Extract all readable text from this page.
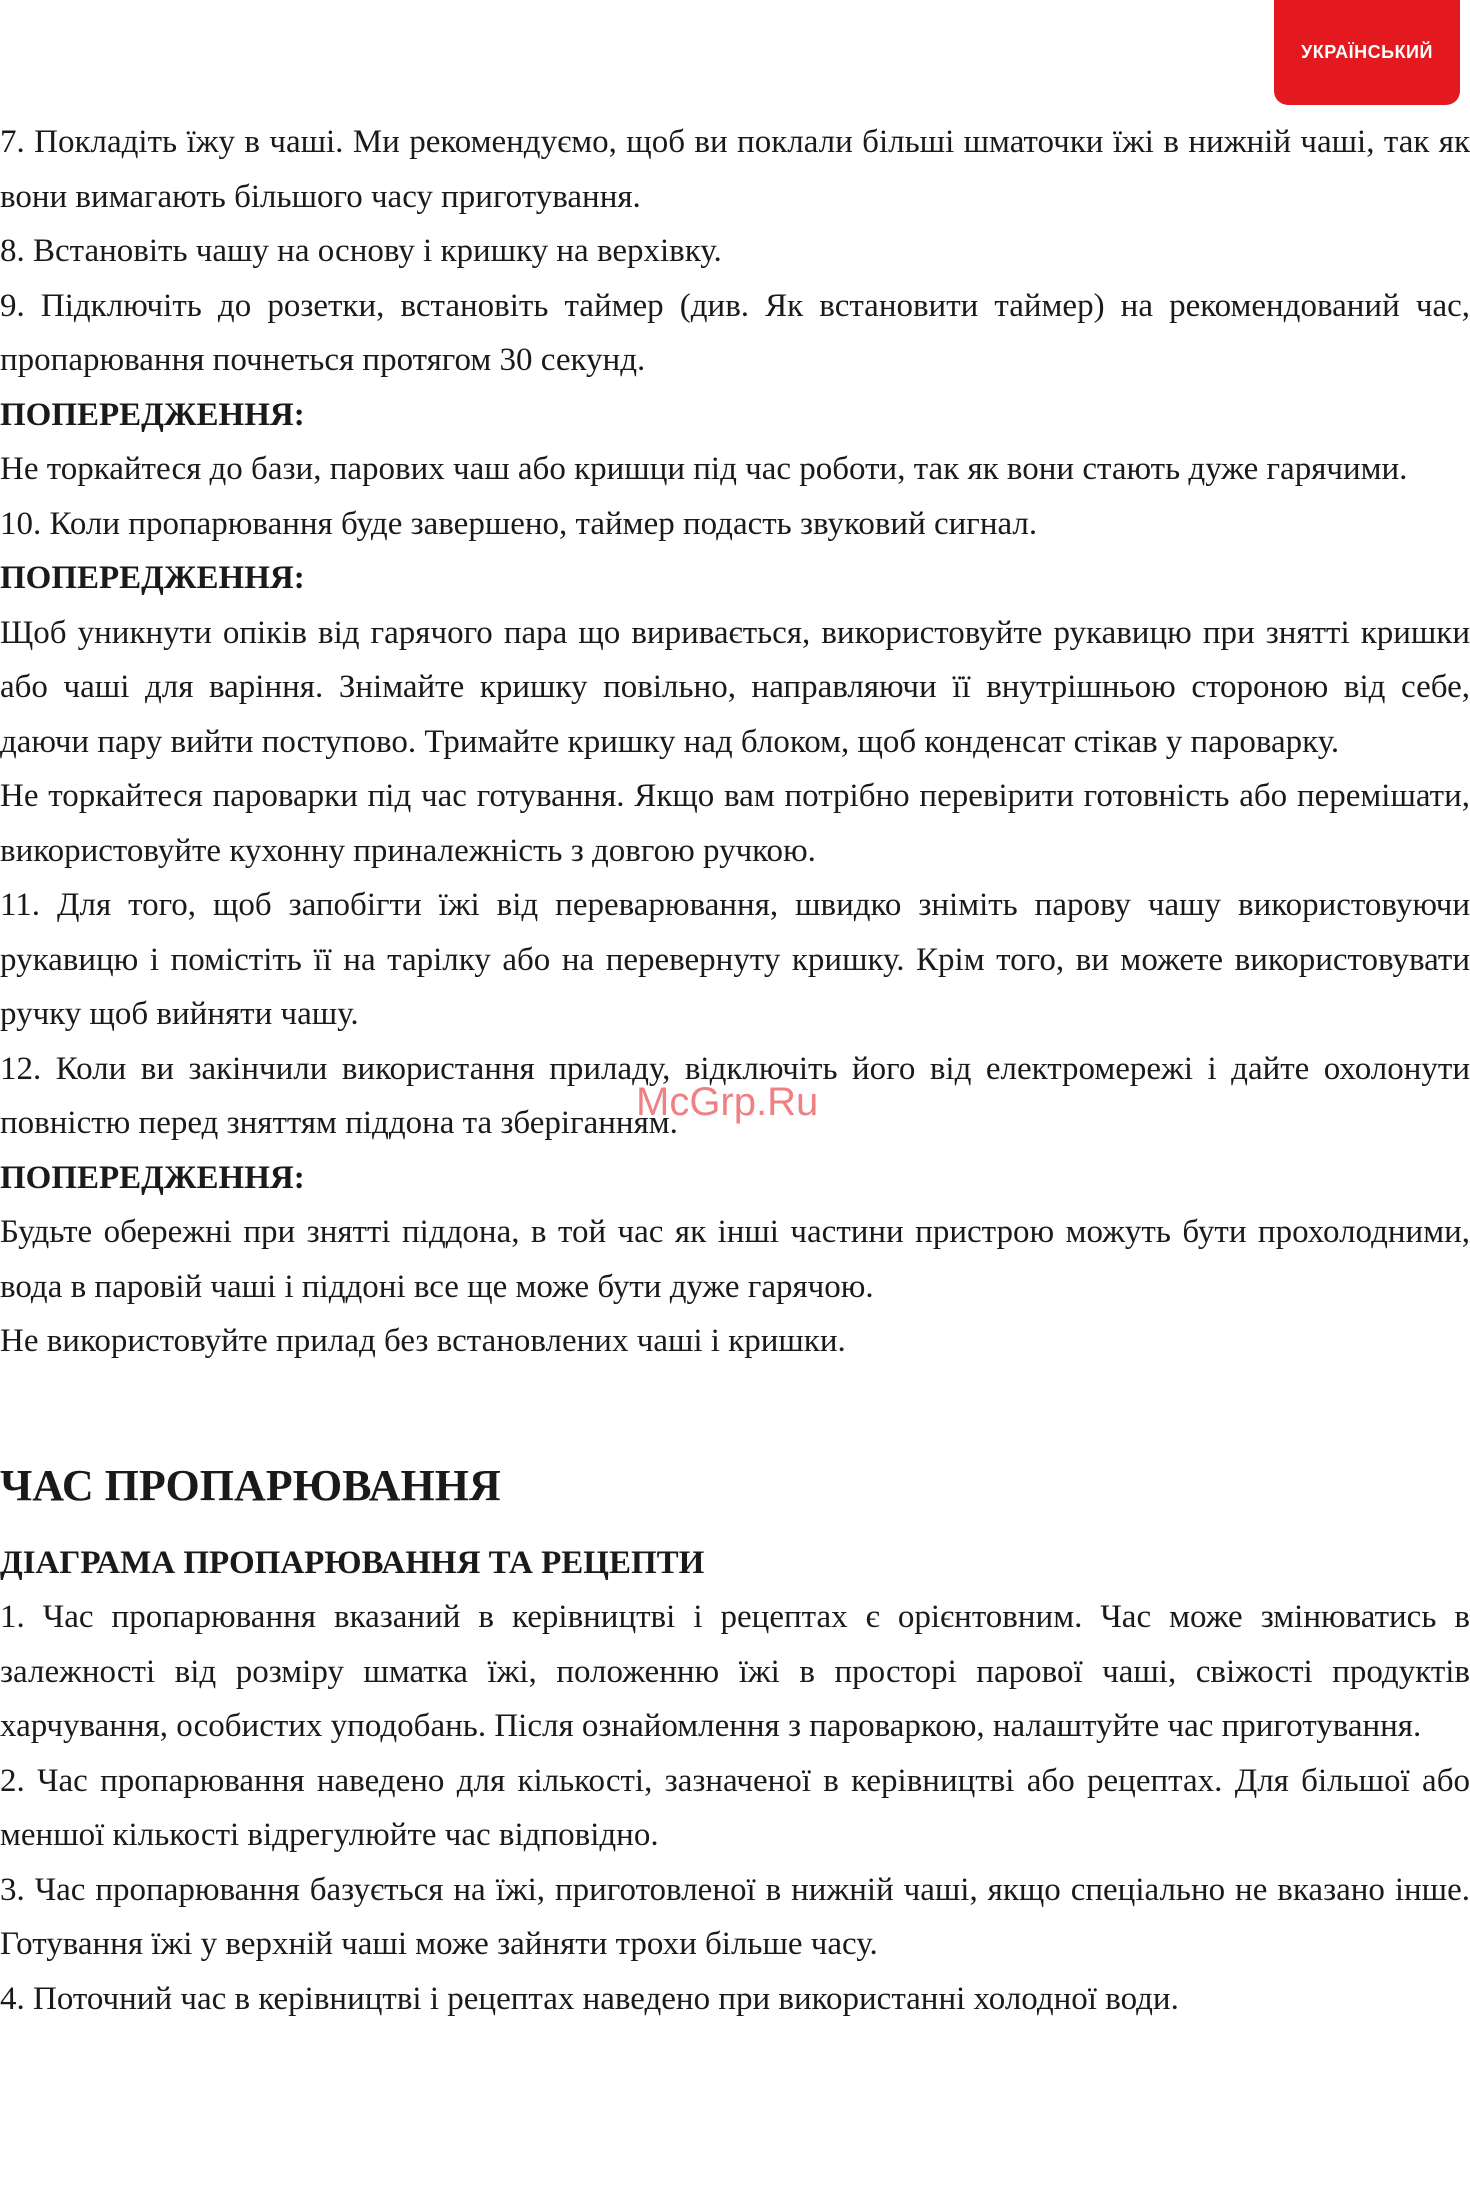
УКРАЇНСЬКИЙ

7. Покладіть їжу в чаші. Ми рекомендуємо, щоб ви поклали більші шматочки їжі в нижній чаші, так як вони вимагають більшого часу приготування.

8. Встановіть чашу на основу і кришку на верхівку.

9. Підключіть до розетки, встановіть таймер (див. Як встановити таймер) на рекомендований час, пропарювання почнеться протягом 30 секунд.

ПОПЕРЕДЖЕННЯ:

Не торкайтеся до бази, парових чаш або кришци під час роботи, так як вони стають дуже гарячими.

10. Коли пропарювання буде завершено, таймер подасть звуковий сигнал.

ПОПЕРЕДЖЕННЯ:

Щоб уникнути опіків від гарячого пара що виривається, використовуйте рукавицю при знятті кришки або чаші для варіння. Знімайте кришку повільно, направляючи її внутрішньою стороною від себе, даючи пару вийти поступово. Тримайте кришку над блоком, щоб конденсат стікав у пароварку.

Не торкайтеся пароварки під час готування. Якщо вам потрібно перевірити готовність або перемішати, використовуйте кухонну приналежність з довгою ручкою.

11. Для того, щоб запобігти їжі від переварювання, швидко зніміть парову чашу використовуючи рукавицю і помістіть її на тарілку або на перевернуту кришку. Крім того, ви можете використовувати ручку щоб вийняти чашу.

12. Коли ви закінчили використання приладу, відключіть його від електромережі і дайте охолонути повністю перед зняттям піддона та зберіганням.

ПОПЕРЕДЖЕННЯ:

Будьте обережні при знятті піддона, в той час як інші частини пристрою можуть бути прохолодними, вода в паровій чаші і піддоні все ще може бути дуже гарячою.

Не використовуйте прилад без встановлених чаші і кришки.

ЧАС ПРОПАРЮВАННЯ

ДІАГРАМА ПРОПАРЮВАННЯ ТА РЕЦЕПТИ

1. Час пропарювання вказаний в керівництві і рецептах є орієнтовним. Час може змінюватись в залежності від розміру шматка їжі, положенню їжі в просторі парової чаші, свіжості продуктів харчування, особистих уподобань. Після ознайомлення з пароваркою, налаштуйте час приготування.

2. Час пропарювання наведено для кількості, зазначеної в керівництві або рецептах. Для більшої або меншої кількості відрегулюйте час відповідно.

3. Час пропарювання базується на їжі, приготовленої в нижній чаші, якщо спеціально не вказано інше. Готування їжі у верхній чаші може зайняти трохи більше часу.

4. Поточний час в керівництві і рецептах наведено при використанні холодної води.

McGrp.Ru
